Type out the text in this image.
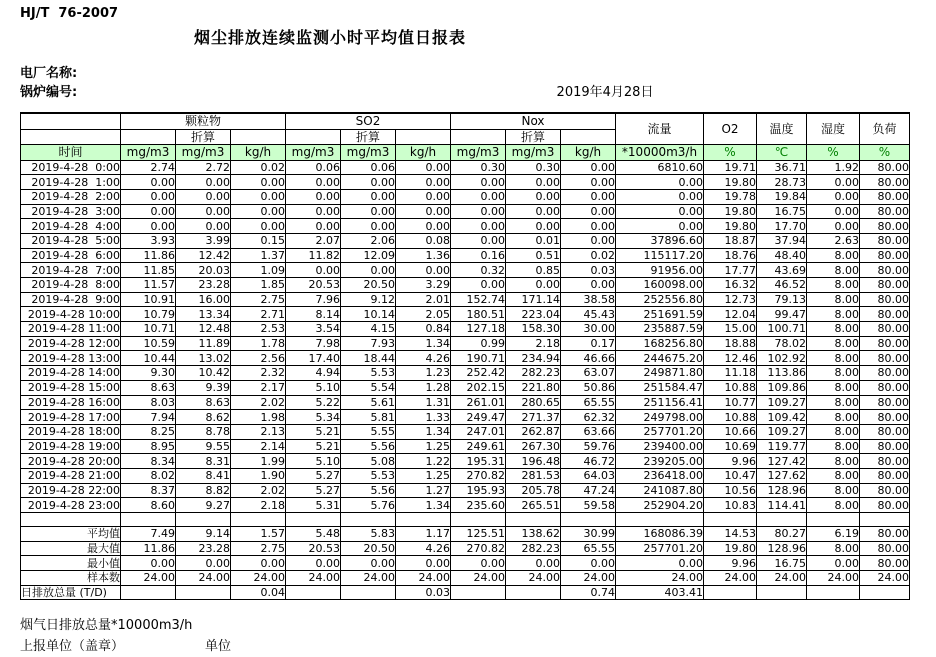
HJ/T  76-2007
烟尘排放连续监测小时平均值日报表
电厂名称:
锅炉编号:	2019年4月28日
	颗粒物			SO2			Nox			流量	O2	温度	湿度	负荷
		折算			折算			折算						
时间	mg/m3	mg/m3	kg/h	mg/m3	mg/m3	kg/h	mg/m3	mg/m3	kg/h	*10000m3/h	%	℃	%	%
2019-4-28  0:00	2.74	2.72	0.02	0.06	0.06	0.00	0.30	0.30	0.00	6810.60	19.71	36.71	1.92	80.00
2019-4-28  1:00	0.00	0.00	0.00	0.00	0.00	0.00	0.00	0.00	0.00	0.00	19.80	28.73	0.00	80.00
2019-4-28  2:00	0.00	0.00	0.00	0.00	0.00	0.00	0.00	0.00	0.00	0.00	19.78	19.84	0.00	80.00
2019-4-28  3:00	0.00	0.00	0.00	0.00	0.00	0.00	0.00	0.00	0.00	0.00	19.80	16.75	0.00	80.00
2019-4-28  4:00	0.00	0.00	0.00	0.00	0.00	0.00	0.00	0.00	0.00	0.00	19.80	17.70	0.00	80.00
2019-4-28  5:00	3.93	3.99	0.15	2.07	2.06	0.08	0.00	0.01	0.00	37896.60	18.87	37.94	2.63	80.00
2019-4-28  6:00	11.86	12.42	1.37	11.82	12.09	1.36	0.16	0.51	0.02	115117.20	18.76	48.40	8.00	80.00
2019-4-28  7:00	11.85	20.03	1.09	0.00	0.00	0.00	0.32	0.85	0.03	91956.00	17.77	43.69	8.00	80.00
2019-4-28  8:00	11.57	23.28	1.85	20.53	20.50	3.29	0.00	0.00	0.00	160098.00	16.32	46.52	8.00	80.00
2019-4-28  9:00	10.91	16.00	2.75	7.96	9.12	2.01	152.74	171.14	38.58	252556.80	12.73	79.13	8.00	80.00
2019-4-28 10:00	10.79	13.34	2.71	8.14	10.14	2.05	180.51	223.04	45.43	251691.59	12.04	99.47	8.00	80.00
2019-4-28 11:00	10.71	12.48	2.53	3.54	4.15	0.84	127.18	158.30	30.00	235887.59	15.00	100.71	8.00	80.00
2019-4-28 12:00	10.59	11.89	1.78	7.98	7.93	1.34	0.99	2.18	0.17	168256.80	18.88	78.02	8.00	80.00
2019-4-28 13:00	10.44	13.02	2.56	17.40	18.44	4.26	190.71	234.94	46.66	244675.20	12.46	102.92	8.00	80.00
2019-4-28 14:00	9.30	10.42	2.32	4.94	5.53	1.23	252.42	282.23	63.07	249871.80	11.18	113.86	8.00	80.00
2019-4-28 15:00	8.63	9.39	2.17	5.10	5.54	1.28	202.15	221.80	50.86	251584.47	10.88	109.86	8.00	80.00
2019-4-28 16:00	8.03	8.63	2.02	5.22	5.61	1.31	261.01	280.65	65.55	251156.41	10.77	109.27	8.00	80.00
2019-4-28 17:00	7.94	8.62	1.98	5.34	5.81	1.33	249.47	271.37	62.32	249798.00	10.88	109.42	8.00	80.00
2019-4-28 18:00	8.25	8.78	2.13	5.21	5.55	1.34	247.01	262.87	63.66	257701.20	10.66	109.27	8.00	80.00
2019-4-28 19:00	8.95	9.55	2.14	5.21	5.56	1.25	249.61	267.30	59.76	239400.00	10.69	119.77	8.00	80.00
2019-4-28 20:00	8.34	8.31	1.99	5.10	5.08	1.22	195.31	196.48	46.72	239205.00	9.96	127.42	8.00	80.00
2019-4-28 21:00	8.02	8.41	1.90	5.27	5.53	1.25	270.82	281.53	64.03	236418.00	10.47	127.62	8.00	80.00
2019-4-28 22:00	8.37	8.82	2.02	5.27	5.56	1.27	195.93	205.78	47.24	241087.80	10.56	128.96	8.00	80.00
2019-4-28 23:00	8.60	9.27	2.18	5.31	5.76	1.34	235.60	265.51	59.58	252904.20	10.83	114.41	8.00	80.00

平均值	7.49	9.14	1.57	5.48	5.83	1.17	125.51	138.62	30.99	168086.39	14.53	80.27	6.19	80.00
最大值	11.86	23.28	2.75	20.53	20.50	4.26	270.82	282.23	65.55	257701.20	19.80	128.96	8.00	80.00
最小值	0.00	0.00	0.00	0.00	0.00	0.00	0.00	0.00	0.00	0.00	9.96	16.75	0.00	80.00
样本数	24.00	24.00	24.00	24.00	24.00	24.00	24.00	24.00	24.00	24.00	24.00	24.00	24.00	24.00
日排放总量 (T/D)			0.04			0.03			0.74	403.41				
烟气日排放总量*10000m3/h
上报单位（盖章）	单位
